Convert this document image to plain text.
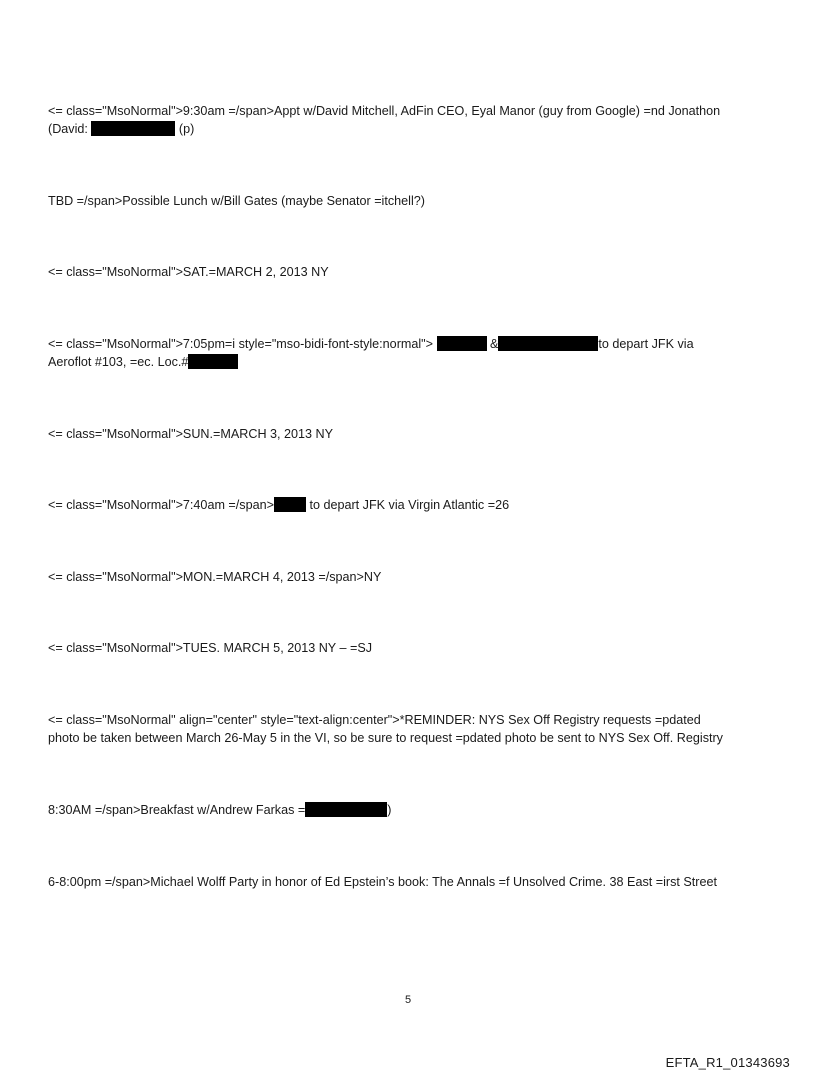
<= class="MsoNormal">9:30am =/span>Appt w/David Mitchell, AdFin CEO, Eyal Manor (guy from Google) =nd Jonathon
(David:	(p)
TBD =/span>Possible Lunch w/Bill Gates (maybe Senator =itchell?)
<= class="MsoNormal">SAT.=MARCH 2, 2013 NY
<= class="MsoNormal">7:05pm=i style="mso-bidi-font-style:normal">	&	to depart JFK via
Aeroflot #103, =ec. Loc.#
<= class="MsoNormal">SUN.=MARCH 3, 2013 NY
<= class="MsoNormal">7:40am =/span>	to depart JFK via Virgin Atlantic =26
<= class="MsoNormal">MON.=MARCH 4, 2013 =/span>NY
<= class="MsoNormal">TUES. MARCH 5, 2013 NY – =SJ
<= class="MsoNormal" align="center" style="text-align:center">*REMINDER: NYS Sex Off Registry requests =pdated
photo be taken between March 26-May 5 in the VI, so be sure to request =pdated photo be sent to NYS Sex Off. Registry
8:30AM =/span>Breakfast w/Andrew Farkas =	)
6-8:00pm =/span>Michael Wolff Party in honor of Ed Epstein’s book: The Annals =f Unsolved Crime. 38 East =irst Street
5
EFTA_R1_01343693
